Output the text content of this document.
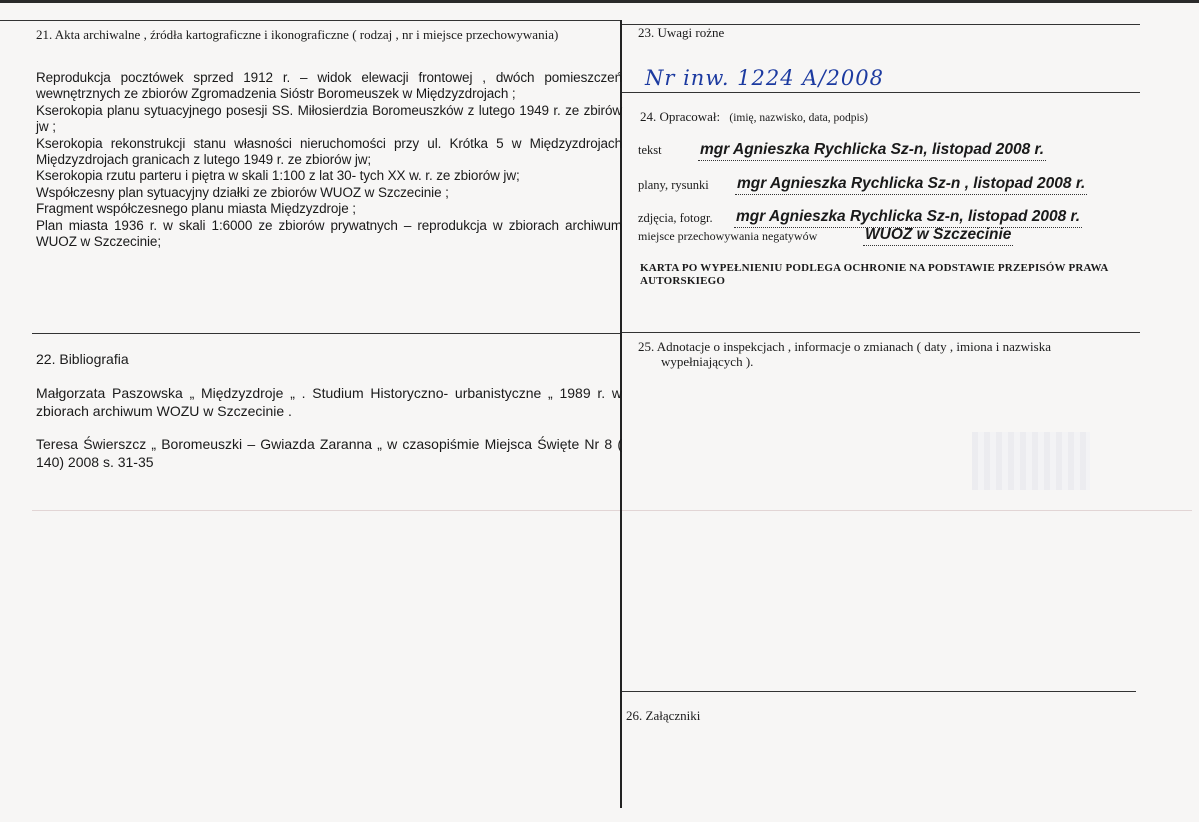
21. Akta archiwalne , źródła kartograficzne i ikonograficzne ( rodzaj , nr i miejsce przechowywania)

Reprodukcja pocztówek sprzed 1912 r. – widok elewacji frontowej , dwóch pomieszczeń wewnętrznych ze zbiorów Zgromadzenia Sióstr Boromeuszek w Międzyzdrojach ;

Kserokopia planu sytuacyjnego posesji SS. Miłosierdzia Boromeuszków z lutego 1949 r. ze zbirów jw ;

Kserokopia rekonstrukcji stanu własności nieruchomości przy ul. Krótka 5 w Międzyzdrojach Międzyzdrojach granicach z lutego 1949 r. ze zbiorów jw;

Kserokopia rzutu parteru i piętra w skali 1:100 z lat 30- tych XX w. r. ze zbiorów jw;

Współczesny plan sytuacyjny działki ze zbiorów WUOZ w Szczecinie ;

Fragment współczesnego planu miasta Międzyzdroje ;

Plan miasta 1936 r. w skali 1:6000 ze zbiorów prywatnych – reprodukcja w zbiorach archiwum WUOZ w Szczecinie;

22. Bibliografia

Małgorzata Paszowska „ Międzyzdroje „ . Studium Historyczno- urbanistyczne „ 1989 r. w zbiorach archiwum WOZU w Szczecinie .

Teresa Świerszcz „ Boromeuszki – Gwiazda Zaranna „ w czasopiśmie Miejsca Święte Nr 8 ( 140) 2008 s. 31-35

23. Uwagi rożne
Nr inw. 1224 A/2008
24. Opracował: (imię, nazwisko, data, podpis)
tekst mgr Agnieszka Rychlicka Sz-n, listopad 2008 r.
plany, rysunki mgr Agnieszka Rychlicka Sz-n , listopad 2008 r.
zdjęcia, fotogr. mgr Agnieszka Rychlicka Sz-n, listopad 2008 r.
miejsce przechowywania negatywów	WUOZ w Szczecinie
KARTA PO WYPEŁNIENIU PODLEGA OCHRONIE NA PODSTAWIE PRZEPISÓW PRAWA AUTORSKIEGO
25. Adnotacje o inspekcjach , informacje o zmianach ( daty , imiona i nazwiska
wypełniających ).
26. Załączniki
